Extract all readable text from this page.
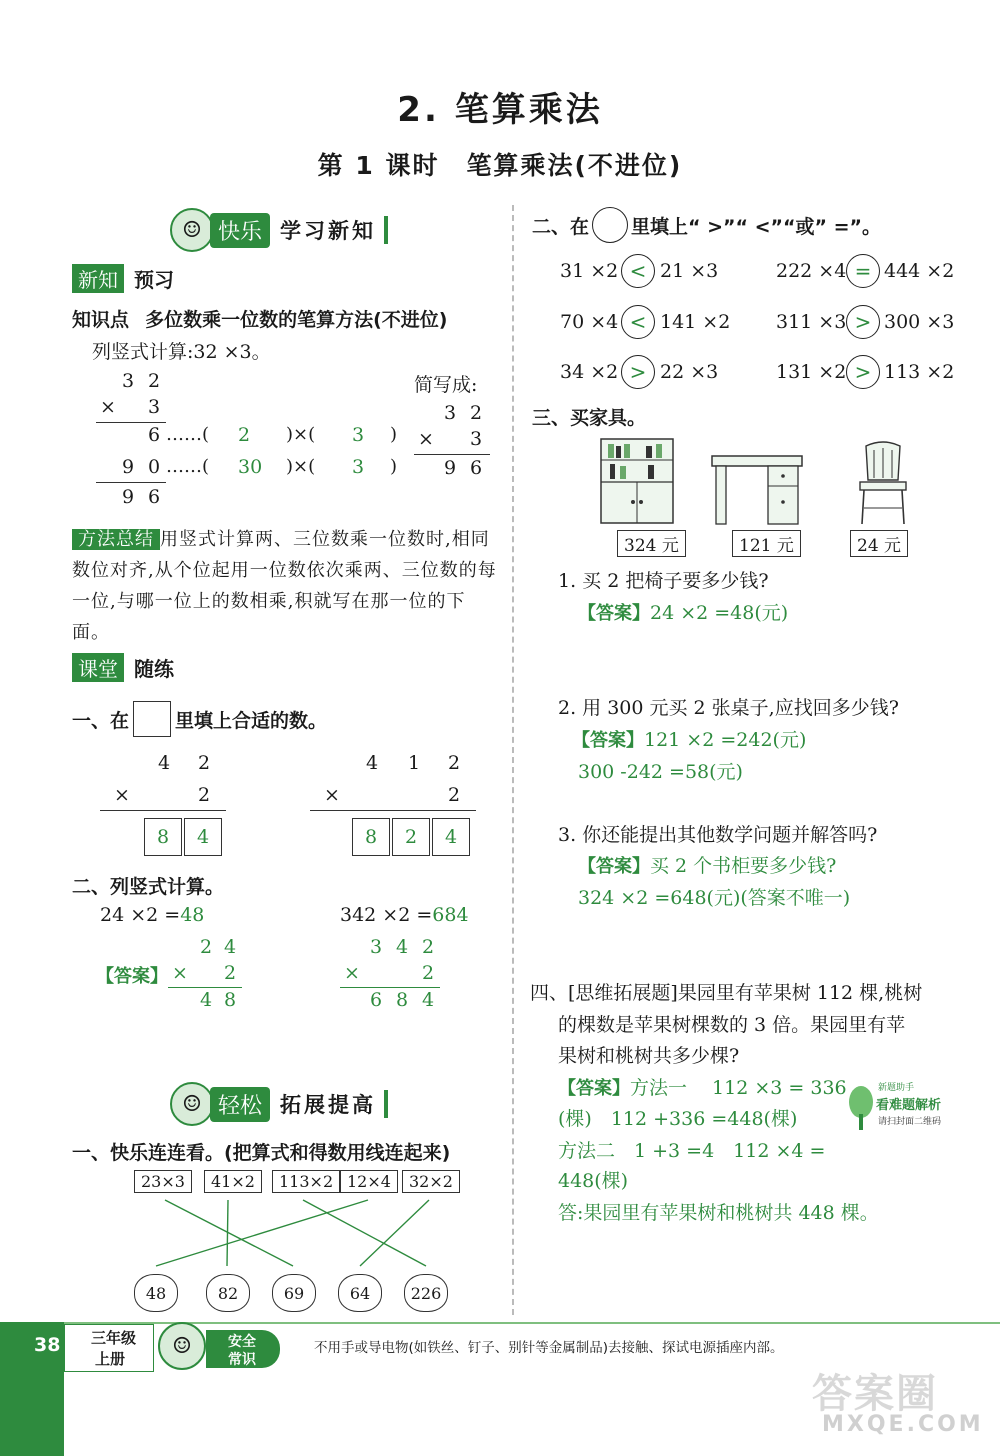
2. 笔算乘法
第 1 课时　笔算乘法(不进位)
☺ 快乐 学习新知
新知 预习
知识点 多位数乘一位数的笔算方法(不进位)
列竖式计算:32 ×3。
3 2
×	3
6 ……( 2 )×( 3 )
9 0 ……( 30 )×( 3 )
9 6
简写成:
3 2
×	3
9 6
方法总结 用竖式计算两、三位数乘一位数时,相同数位对齐,从个位起用一位数依次乘两、三位数的每一位,与哪一位上的数相乘,积就写在那一位的下面。
课堂 随练
一、在 里填上合适的数。
4	2
×	2
8	4
4	1	2
×	2
8	2	4
二、列竖式计算。
24 ×2 =48	342 ×2 =684
【答案】
2 4
×	2
4 8
3 4 2
×	2
6 8 4
☺ 轻松 拓展提高
一、快乐连连看。(把算式和得数用线连起来)
23×3	41×2	113×2 12×4	32×2
48	82	69	64	226
二、在 里填上“ >”“ <”“或” =”。
31 ×2 < 21 ×3	222 ×4 = 444 ×2
70 ×4 < 141 ×2 311 ×3 > 300 ×3
34 ×2 > 22 ×3	131 ×2 > 113 ×2
三、买家具。
324 元	121 元	24 元
1. 买 2 把椅子要多少钱?
【答案】24 ×2 =48(元)
2. 用 300 元买 2 张桌子,应找回多少钱?
【答案】121 ×2 =242(元)
300 -242 =58(元)
3. 你还能提出其他数学问题并解答吗?
【答案】买 2 个书柜要多少钱?
324 ×2 =648(元)(答案不唯一)
四、[思维拓展题]果园里有苹果树 112 棵,桃树
的棵数是苹果树棵数的 3 倍。果园里有苹
果树和桃树共多少棵?
【答案】方法一　 112 ×3 = 336
(棵)　112 +336 =448(棵)
方法二　1 +3 =4　112 ×4 =
448(棵)
答:果园里有苹果树和桃树共 448 棵。
新题助手
看难题解析
请扫封面二维码
38 三年级
上册
☺	安全
常识
不用手或导电物(如铁丝、钉子、别针等金属制品)去接触、探试电源插座内部。
答案圈
MXQE.COM
